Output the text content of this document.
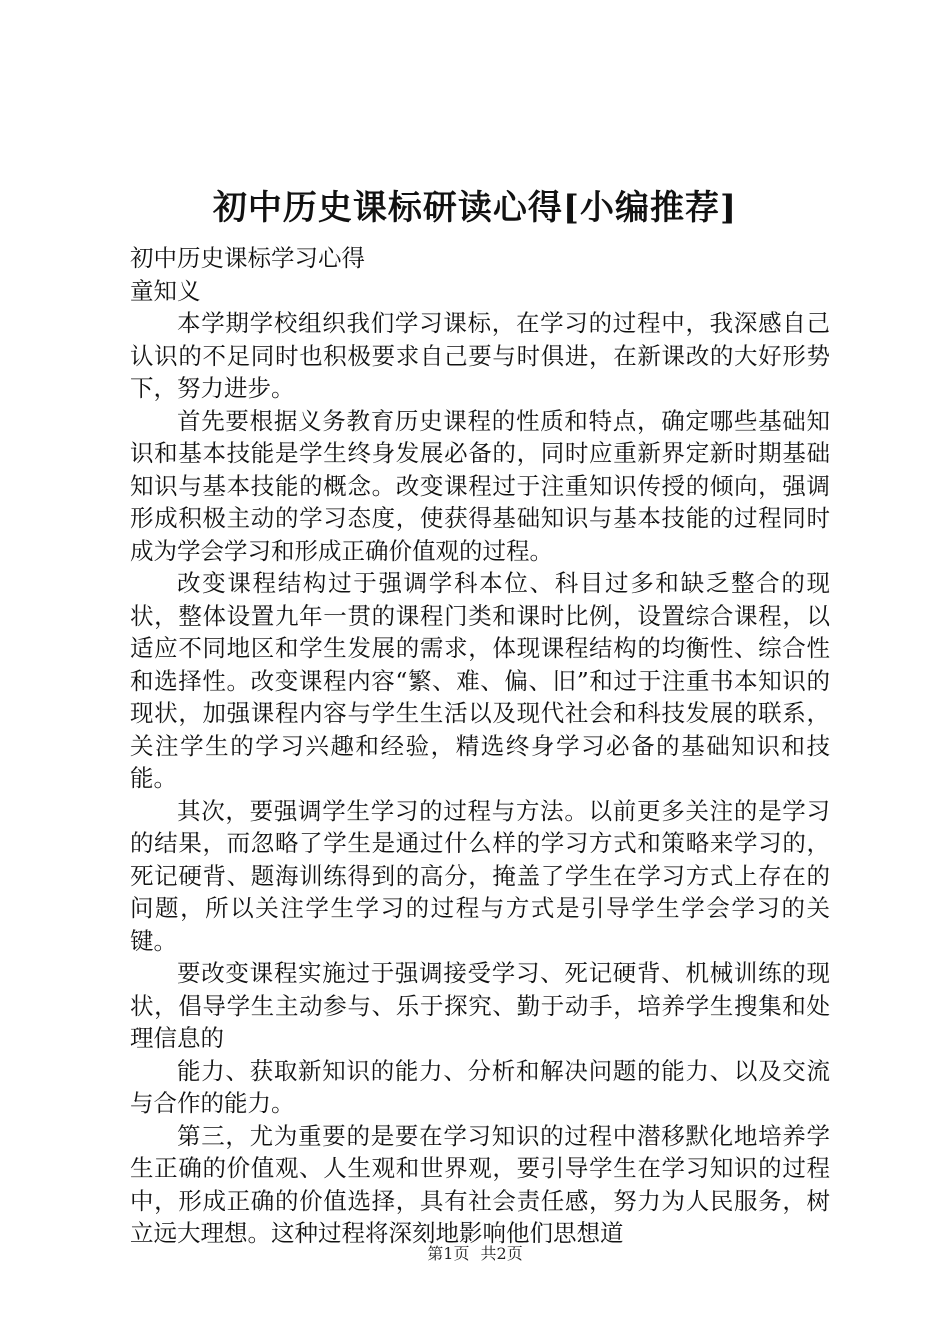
初中历史课标研读心得[小编推荐]

初中历史课标学习心得

童知义

本学期学校组织我们学习课标，在学习的过程中，我深感自己认识的不足同时也积极要求自己要与时俱进，在新课改的大好形势下，努力进步。

首先要根据义务教育历史课程的性质和特点，确定哪些基础知识和基本技能是学生终身发展必备的，同时应重新界定新时期基础知识与基本技能的概念。改变课程过于注重知识传授的倾向，强调形成积极主动的学习态度，使获得基础知识与基本技能的过程同时成为学会学习和形成正确价值观的过程。

改变课程结构过于强调学科本位、科目过多和缺乏整合的现状，整体设置九年一贯的课程门类和课时比例，设置综合课程，以适应不同地区和学生发展的需求，体现课程结构的均衡性、综合性和选择性。改变课程内容“繁、难、偏、旧”和过于注重书本知识的现状，加强课程内容与学生生活以及现代社会和科技发展的联系，关注学生的学习兴趣和经验，精选终身学习必备的基础知识和技能。

其次，要强调学生学习的过程与方法。以前更多关注的是学习的结果，而忽略了学生是通过什么样的学习方式和策略来学习的，死记硬背、题海训练得到的高分，掩盖了学生在学习方式上存在的问题，所以关注学生学习的过程与方式是引导学生学会学习的关键。

要改变课程实施过于强调接受学习、死记硬背、机械训练的现状，倡导学生主动参与、乐于探究、勤于动手，培养学生搜集和处理信息的

能力、获取新知识的能力、分析和解决问题的能力、以及交流与合作的能力。

第三，尤为重要的是要在学习知识的过程中潜移默化地培养学生正确的价值观、人生观和世界观，要引导学生在学习知识的过程中，形成正确的价值选择，具有社会责任感，努力为人民服务，树立远大理想。这种过程将深刻地影响他们思想道

第1页 共2页
